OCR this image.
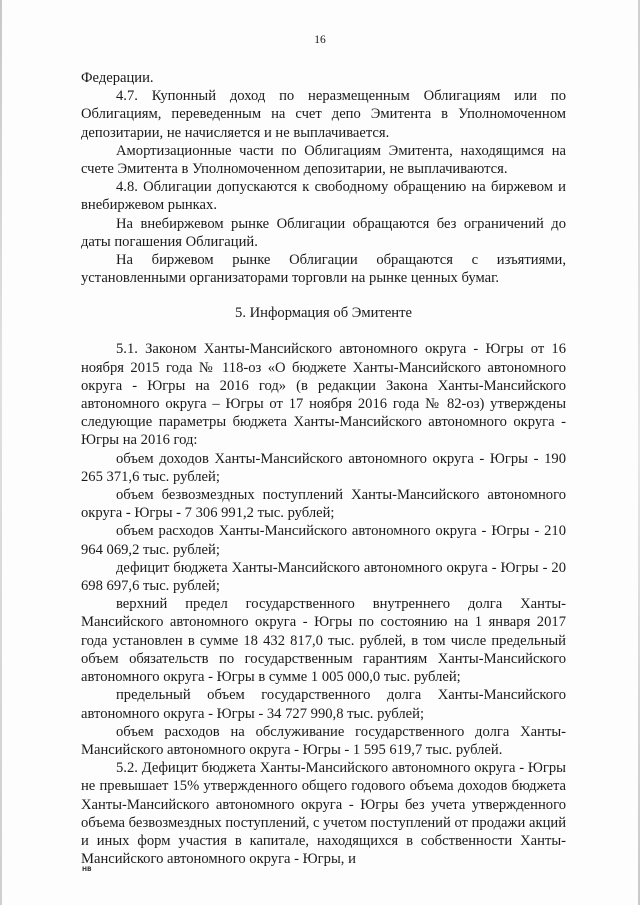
16

Федерации.

4.7. Купонный доход по неразмещенным Облигациям или по Облигациям, переведенным на счет депо Эмитента в Уполномоченном депозитарии, не начисляется и не выплачивается.

Амортизационные части по Облигациям Эмитента, находящимся на счете Эмитента в Уполномоченном депозитарии, не выплачиваются.

4.8. Облигации допускаются к свободному обращению на биржевом и внебиржевом рынках.

На внебиржевом рынке Облигации обращаются без ограничений до даты погашения Облигаций.

На биржевом рынке Облигации обращаются с изъятиями, установленными организаторами торговли на рынке ценных бумаг.

5. Информация об Эмитенте

5.1. Законом Ханты-Мансийского автономного округа - Югры от 16 ноября 2015 года № 118-оз «О бюджете Ханты-Мансийского автономного округа - Югры на 2016 год» (в редакции Закона Ханты-Мансийского автономного округа – Югры от 17 ноября 2016 года № 82-оз) утверждены следующие параметры бюджета Ханты-Мансийского автономного округа - Югры на 2016 год:

объем доходов Ханты-Мансийского автономного округа - Югры - 190 265 371,6 тыс. рублей;

объем безвозмездных поступлений Ханты-Мансийского автономного округа - Югры - 7 306 991,2 тыс. рублей;

объем расходов Ханты-Мансийского автономного округа - Югры - 210 964 069,2 тыс. рублей;

дефицит бюджета Ханты-Мансийского автономного округа - Югры - 20 698 697,6 тыс. рублей;

верхний предел государственного внутреннего долга Ханты-Мансийского автономного округа - Югры по состоянию на 1 января 2017 года установлен в сумме 18 432 817,0 тыс. рублей, в том числе предельный объем обязательств по государственным гарантиям Ханты-Мансийского автономного округа - Югры в сумме 1 005 000,0 тыс. рублей;

предельный объем государственного долга Ханты-Мансийского автономного округа - Югры - 34 727 990,8 тыс. рублей;

объем расходов на обслуживание государственного долга Ханты-Мансийского автономного округа - Югры - 1 595 619,7 тыс. рублей.

5.2. Дефицит бюджета Ханты-Мансийского автономного округа - Югры не превышает 15% утвержденного общего годового объема доходов бюджета Ханты-Мансийского автономного округа - Югры без учета утвержденного объема безвозмездных поступлений, с учетом поступлений от продажи акций и иных форм участия в капитале, находящихся в собственности Ханты-Мансийского автономного округа - Югры, и

НВ
